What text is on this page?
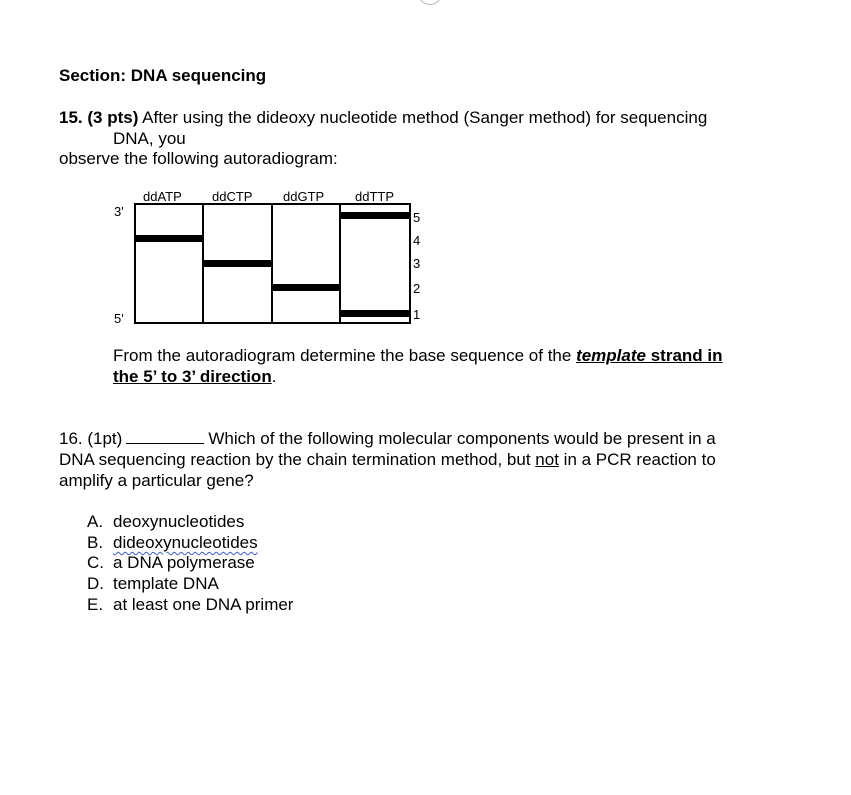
Section: DNA sequencing
15. (3 pts) After using the dideoxy nucleotide method (Sanger method) for sequencing
DNA, you
observe the following autoradiogram:
ddATP ddCTP ddGTP ddTTP
3'
5'
5
4
3
2
1
From the autoradiogram determine the base sequence of the template strand in
the 5’ to 3’ direction.
16. (1pt)	Which of the following molecular components would be present in a
DNA sequencing reaction by the chain termination method, but not in a PCR reaction to
amplify a particular gene?
A. deoxynucleotides
B. dideoxynucleotides
C. a DNA polymerase
D. template DNA
E. at least one DNA primer
